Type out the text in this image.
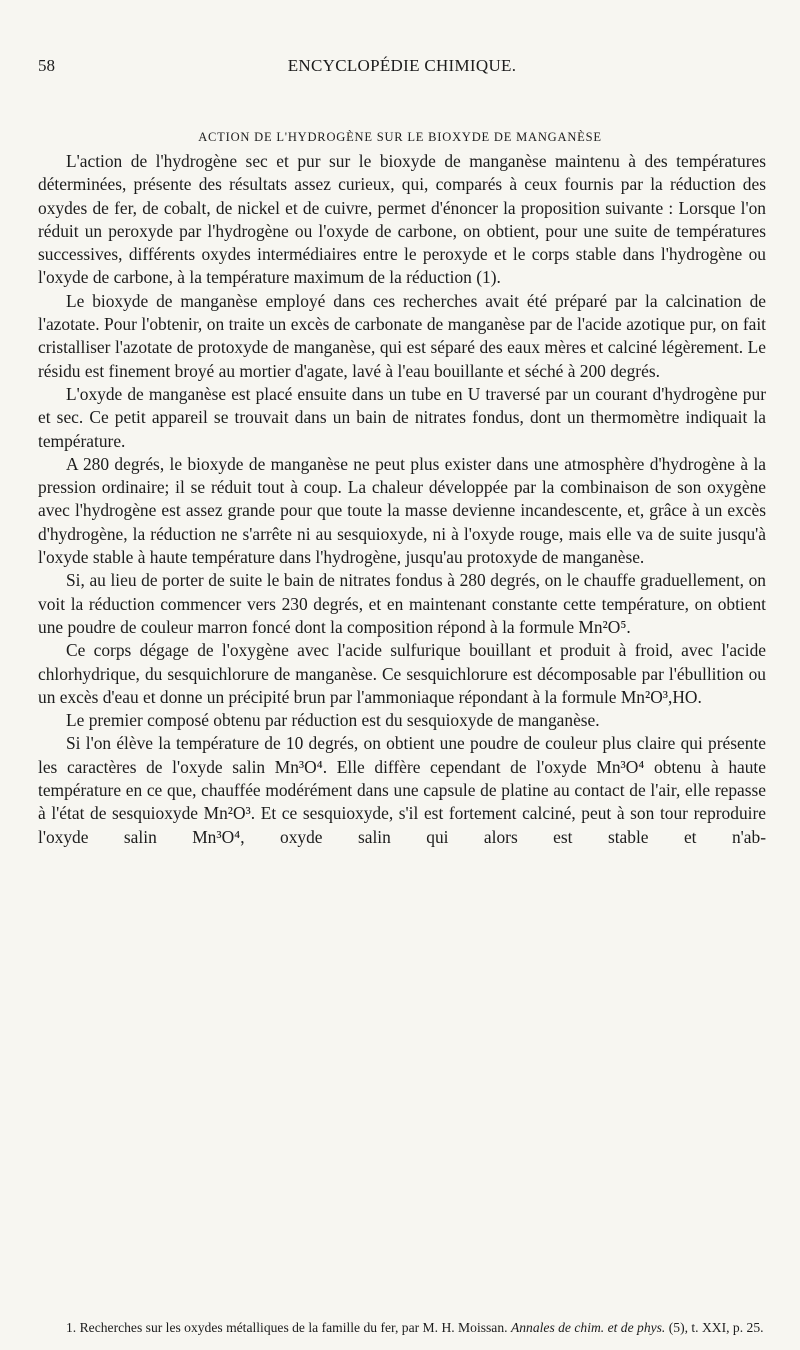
58	ENCYCLOPÉDIE CHIMIQUE.
ACTION DE L'HYDROGÈNE SUR LE BIOXYDE DE MANGANÈSE

L'action de l'hydrogène sec et pur sur le bioxyde de manganèse maintenu à des températures déterminées, présente des résultats assez curieux, qui, comparés à ceux fournis par la réduction des oxydes de fer, de cobalt, de nickel et de cuivre, permet d'énoncer la proposition suivante : Lorsque l'on réduit un peroxyde par l'hydrogène ou l'oxyde de carbone, on obtient, pour une suite de températures successives, différents oxydes intermédiaires entre le peroxyde et le corps stable dans l'hydrogène ou l'oxyde de carbone, à la température maximum de la réduction (1).

Le bioxyde de manganèse employé dans ces recherches avait été préparé par la calcination de l'azotate. Pour l'obtenir, on traite un excès de carbonate de manganèse par de l'acide azotique pur, on fait cristalliser l'azotate de protoxyde de manganèse, qui est séparé des eaux mères et calciné légèrement. Le résidu est finement broyé au mortier d'agate, lavé à l'eau bouillante et séché à 200 degrés.

L'oxyde de manganèse est placé ensuite dans un tube en U traversé par un courant d'hydrogène pur et sec. Ce petit appareil se trouvait dans un bain de nitrates fondus, dont un thermomètre indiquait la température.

A 280 degrés, le bioxyde de manganèse ne peut plus exister dans une atmosphère d'hydrogène à la pression ordinaire; il se réduit tout à coup. La chaleur développée par la combinaison de son oxygène avec l'hydrogène est assez grande pour que toute la masse devienne incandescente, et, grâce à un excès d'hydrogène, la réduction ne s'arrête ni au sesquioxyde, ni à l'oxyde rouge, mais elle va de suite jusqu'à l'oxyde stable à haute température dans l'hydrogène, jusqu'au protoxyde de manganèse.

Si, au lieu de porter de suite le bain de nitrates fondus à 280 degrés, on le chauffe graduellement, on voit la réduction commencer vers 230 degrés, et en maintenant constante cette température, on obtient une poudre de couleur marron foncé dont la composition répond à la formule Mn²O⁵.

Ce corps dégage de l'oxygène avec l'acide sulfurique bouillant et produit à froid, avec l'acide chlorhydrique, du sesquichlorure de manganèse. Ce sesquichlorure est décomposable par l'ébullition ou un excès d'eau et donne un précipité brun par l'ammoniaque répondant à la formule Mn²O³,HO.

Le premier composé obtenu par réduction est du sesquioxyde de manganèse.

Si l'on élève la température de 10 degrés, on obtient une poudre de couleur plus claire qui présente les caractères de l'oxyde salin Mn³O⁴. Elle diffère cependant de l'oxyde Mn³O⁴ obtenu à haute température en ce que, chauffée modérément dans une capsule de platine au contact de l'air, elle repasse à l'état de sesquioxyde Mn²O³. Et ce sesquioxyde, s'il est fortement calciné, peut à son tour reproduire l'oxyde salin Mn³O⁴, oxyde salin qui alors est stable et n'ab-

1. Recherches sur les oxydes métalliques de la famille du fer, par M. H. Moissan. Annales de chim. et de phys. (5), t. XXI, p. 25.
